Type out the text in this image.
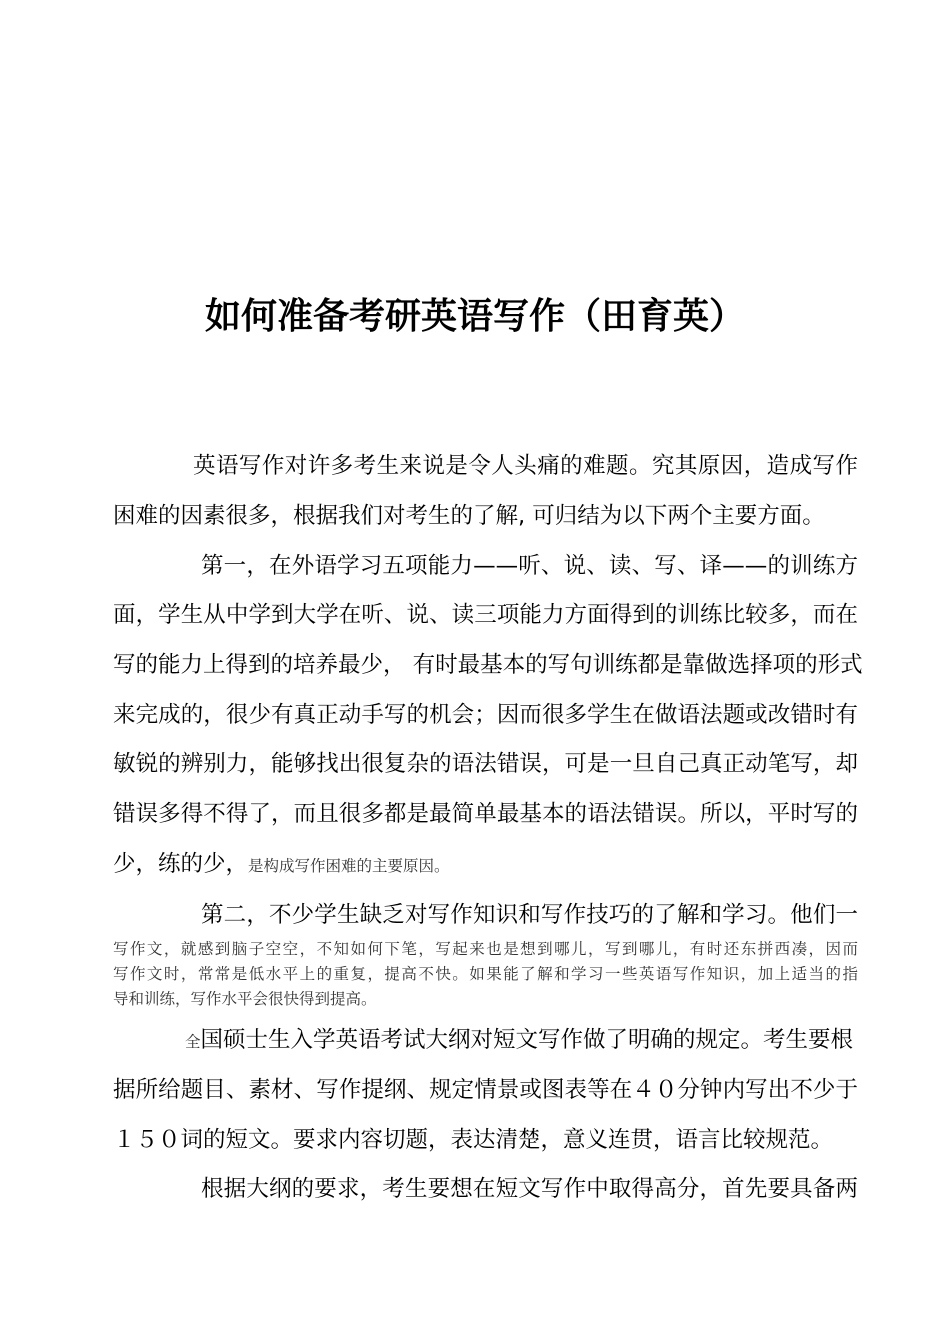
如何准备考研英语写作（田育英）
英语写作对许多考生来说是令人头痛的难题。究其原因，造成写作
困难的因素很多，根据我们对考生的了解, 可归结为以下两个主要方面。
第一，在外语学习五项能力——听、说、读、写、译——的训练方
面，学生从中学到大学在听、说、读三项能力方面得到的训练比较多，而在
写的能力上得到的培养最少， 有时最基本的写句训练都是靠做选择项的形式
来完成的，很少有真正动手写的机会；因而很多学生在做语法题或改错时有
敏锐的辨别力，能够找出很复杂的语法错误，可是一旦自己真正动笔写，却
错误多得不得了，而且很多都是最简单最基本的语法错误。所以，平时写的
少，练的少，是构成写作困难的主要原因。
第二，不少学生缺乏对写作知识和写作技巧的了解和学习。他们一
写作文，就感到脑子空空，不知如何下笔，写起来也是想到哪儿，写到哪儿，有时还东拼西凑，因而
写作文时，常常是低水平上的重复，提高不快。如果能了解和学习一些英语写作知识，加上适当的指
导和训练，写作水平会很快得到提高。
全国硕士生入学英语考试大纲对短文写作做了明确的规定。考生要根
据所给题目、素材、写作提纲、规定情景或图表等在４０分钟内写出不少于
１５０词的短文。要求内容切题，表达清楚，意义连贯，语言比较规范。
根据大纲的要求，考生要想在短文写作中取得高分，首先要具备两
